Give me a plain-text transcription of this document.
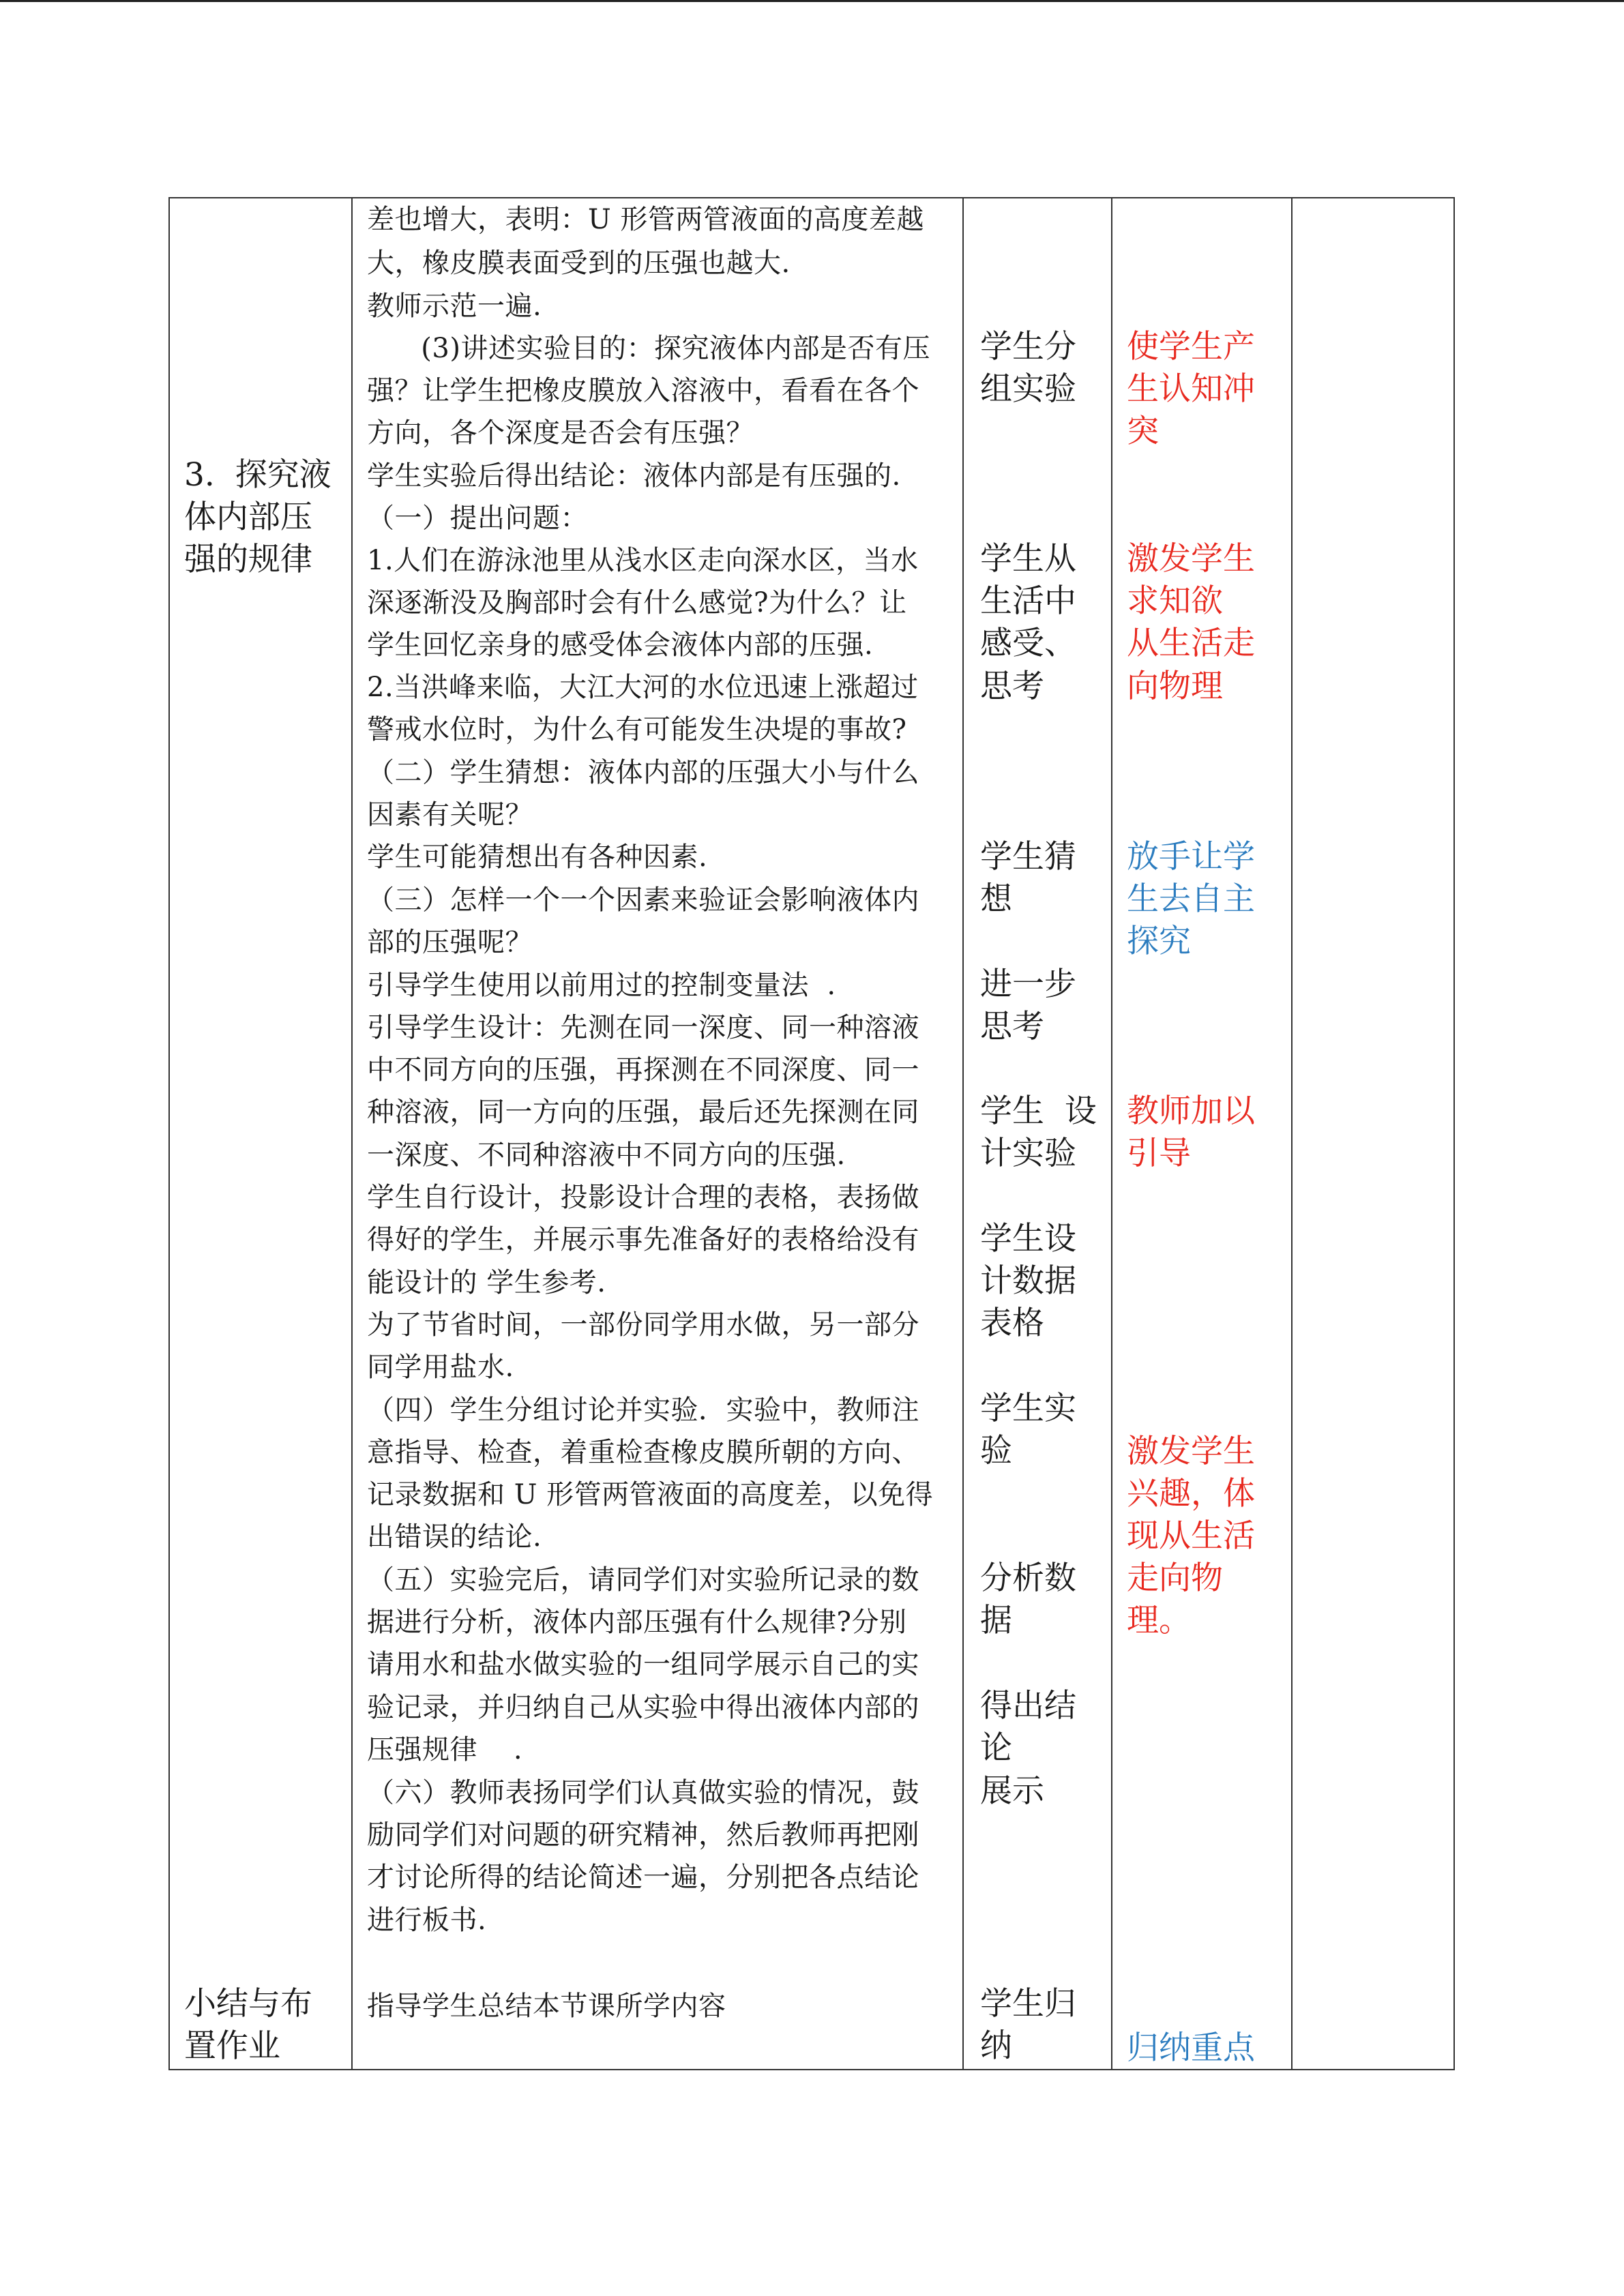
3.  探究液
体内部压
强的规律
小结与布
置作业
差也增大，表明：U 形管两管液面的高度差越
大，橡皮膜表面受到的压强也越大.
教师示范一遍.
(3)讲述实验目的：探究液体内部是否有压
强？让学生把橡皮膜放入溶液中，看看在各个
方向，各个深度是否会有压强？
学生实验后得出结论：液体内部是有压强的.
（一）提出问题：
1.人们在游泳池里从浅水区走向深水区，当水
深逐渐没及胸部时会有什么感觉?为什么？让
学生回忆亲身的感受体会液体内部的压强.
2.当洪峰来临，大江大河的水位迅速上涨超过
警戒水位时，为什么有可能发生决堤的事故?
（二）学生猜想：液体内部的压强大小与什么
因素有关呢？
学生可能猜想出有各种因素.
（三）怎样一个一个因素来验证会影响液体内
部的压强呢？
引导学生使用以前用过的控制变量法  .
引导学生设计：先测在同一深度、同一种溶液
中不同方向的压强，再探测在不同深度、同一
种溶液，同一方向的压强，最后还先探测在同
一深度、不同种溶液中不同方向的压强.
学生自行设计，投影设计合理的表格，表扬做
得好的学生，并展示事先准备好的表格给没有
能设计的 学生参考.
为了节省时间，一部份同学用水做，另一部分
同学用盐水.
（四）学生分组讨论并实验．实验中，教师注
意指导、检查，着重检查橡皮膜所朝的方向、
记录数据和 U 形管两管液面的高度差，以免得
出错误的结论.
（五）实验完后，请同学们对实验所记录的数
据进行分析，液体内部压强有什么规律?分别
请用水和盐水做实验的一组同学展示自己的实
验记录，并归纳自己从实验中得出液体内部的
压强规律    .
（六）教师表扬同学们认真做实验的情况，鼓
励同学们对问题的研究精神，然后教师再把刚
才讨论所得的结论简述一遍，分别把各点结论
进行板书.
指导学生总结本节课所学内容
学生分
组实验
学生从
生活中
感受、
思考
学生猜
想
进一步
思考
学生  设
计实验
学生设
计数据
表格
学生实
验
分析数
据
得出结
论
展示
学生归
纳
使学生产
生认知冲
突
激发学生
求知欲
从生活走
向物理
放手让学
生去自主
探究
教师加以
引导
激发学生
兴趣，体
现从生活
走向物
理。
归纳重点
